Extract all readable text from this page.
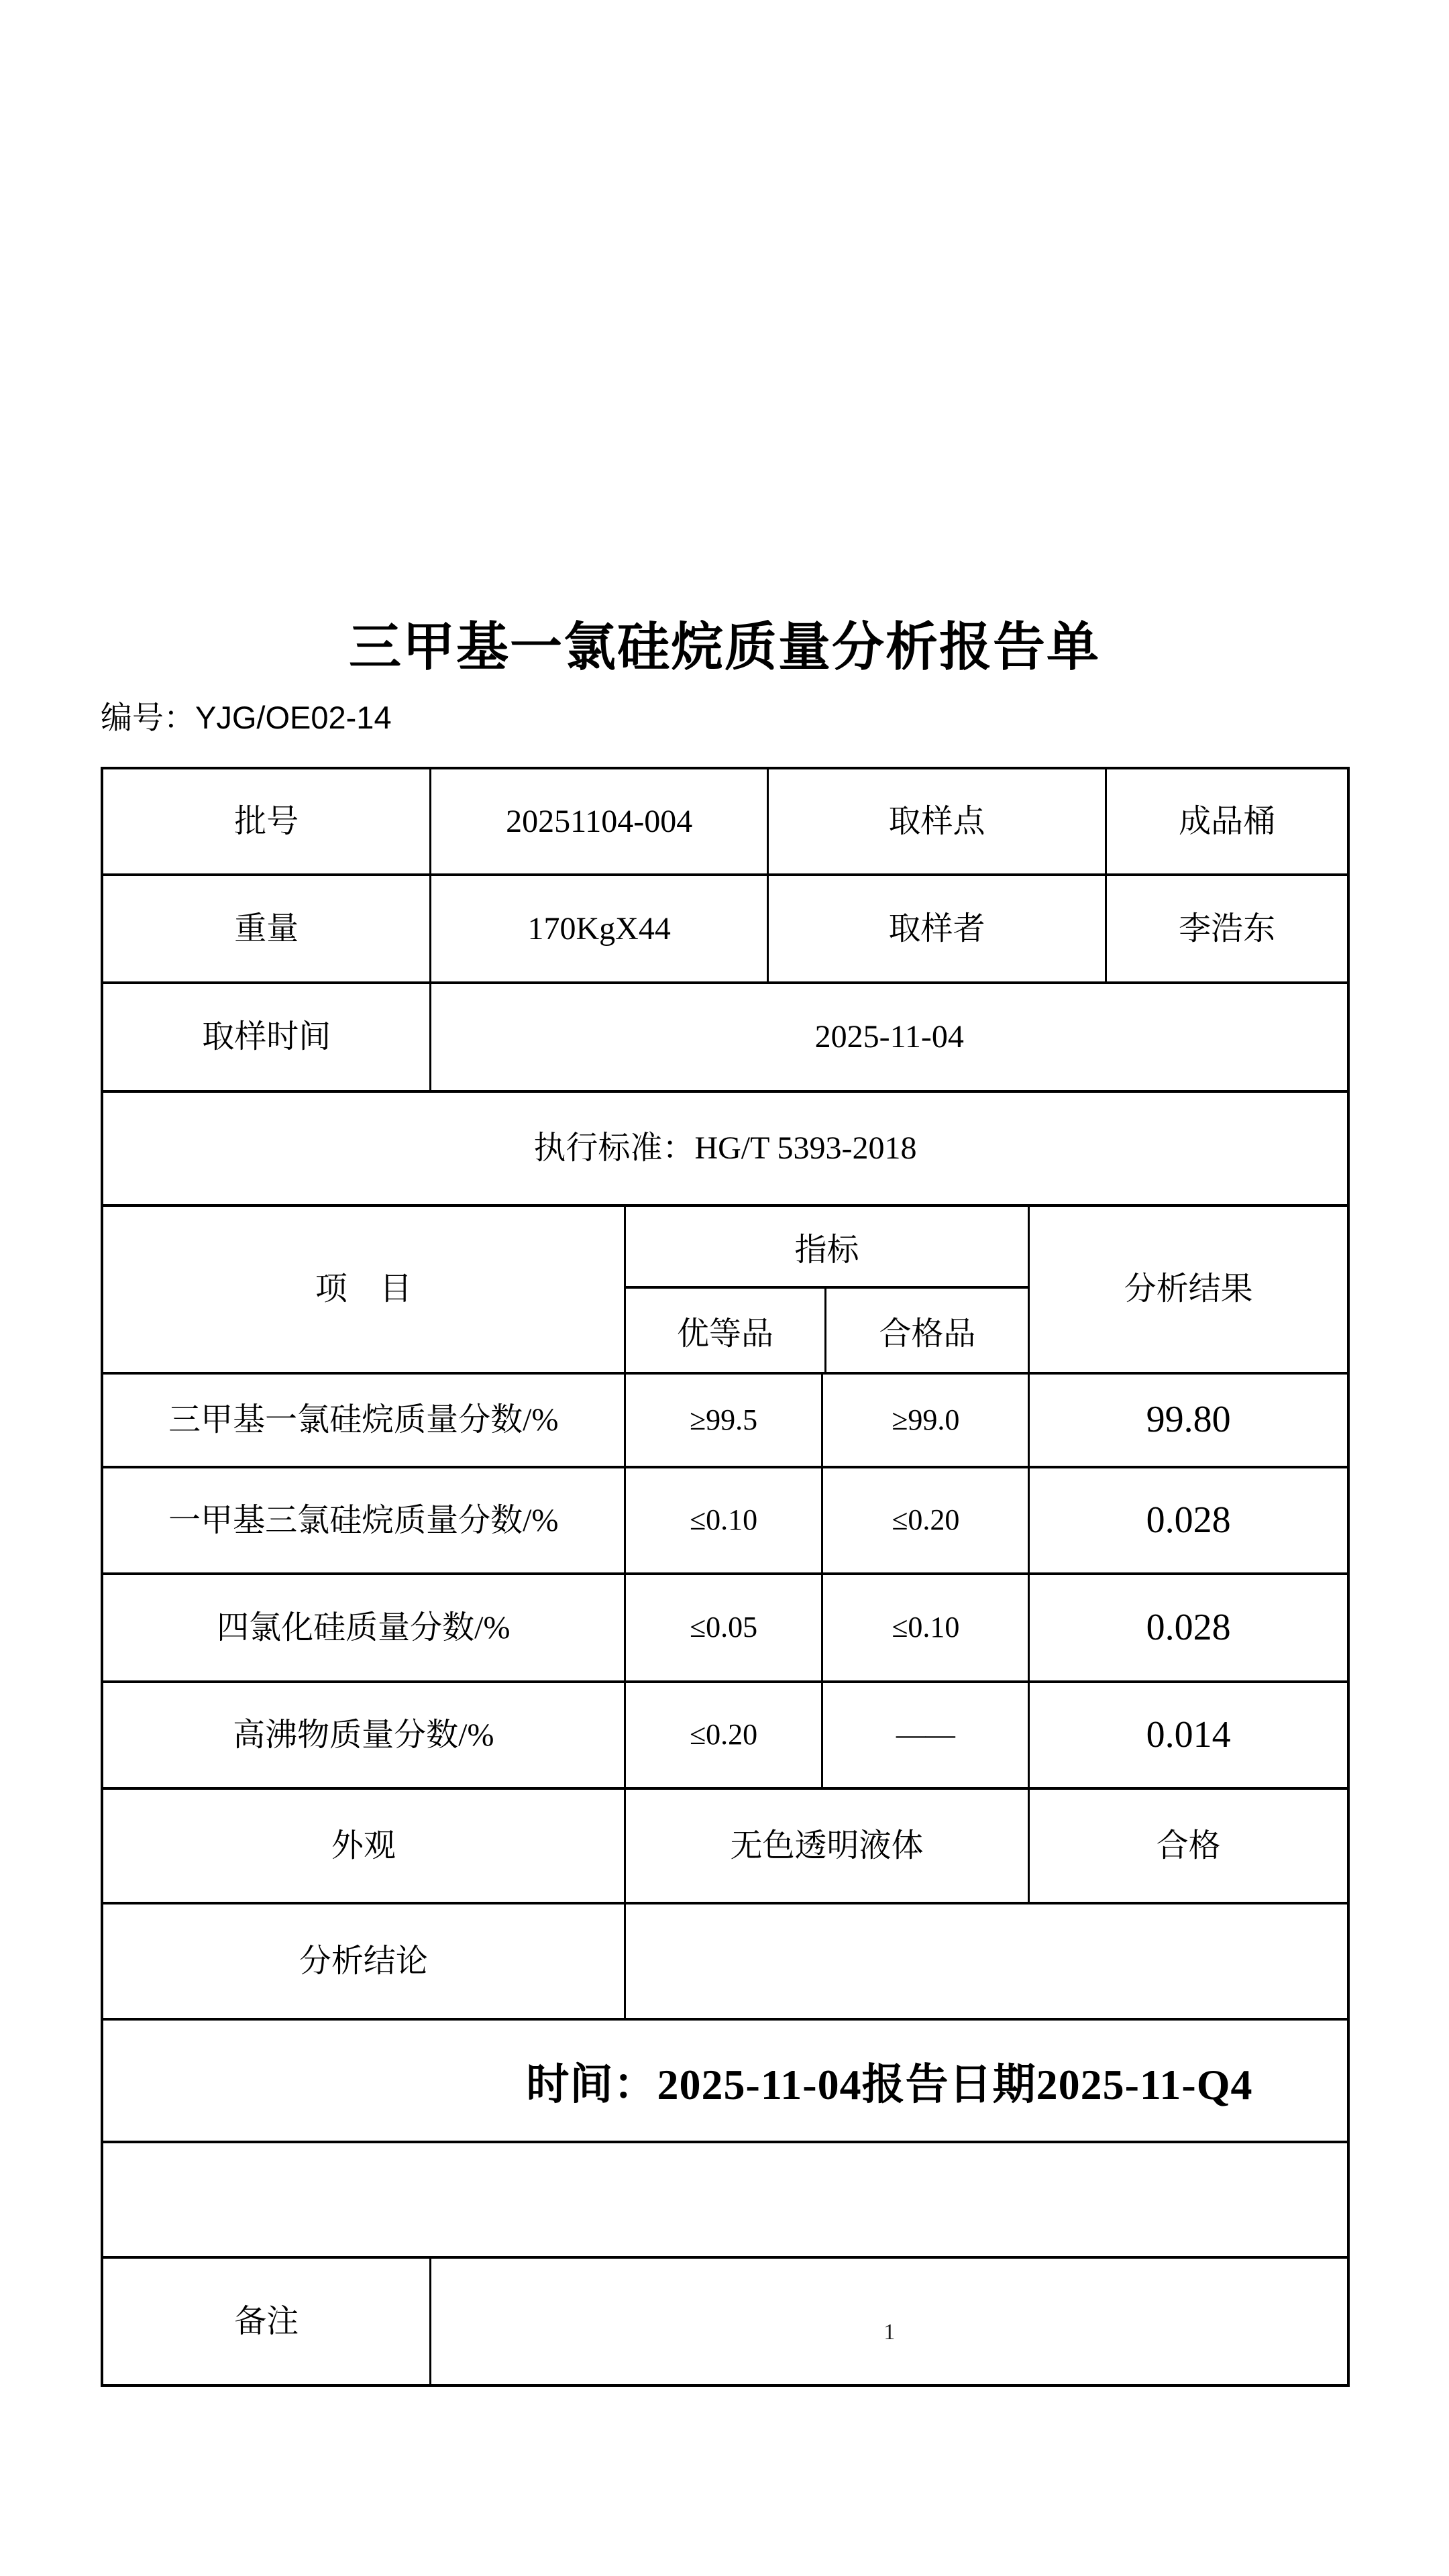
三甲基一氯硅烷质量分析报告单
编号：YJG/OE02-14
批号	20251104-004	取样点	成品桶
重量	170KgX44	取样者	李浩东
取样时间	2025-11-04
执行标准：HG/T 5393-2018
项　目
指标
优等品	合格品
分析结果
三甲基一氯硅烷质量分数/%	≥99.5	≥99.0	99.80
一甲基三氯硅烷质量分数/%	≤0.10	≤0.20	0.028
四氯化硅质量分数/%	≤0.05	≤0.10	0.028
高沸物质量分数/%	≤0.20	——	0.014
外观	无色透明液体	合格
分析结论
时间：2025-11-04报告日期2025-11-Q4
备注	1
